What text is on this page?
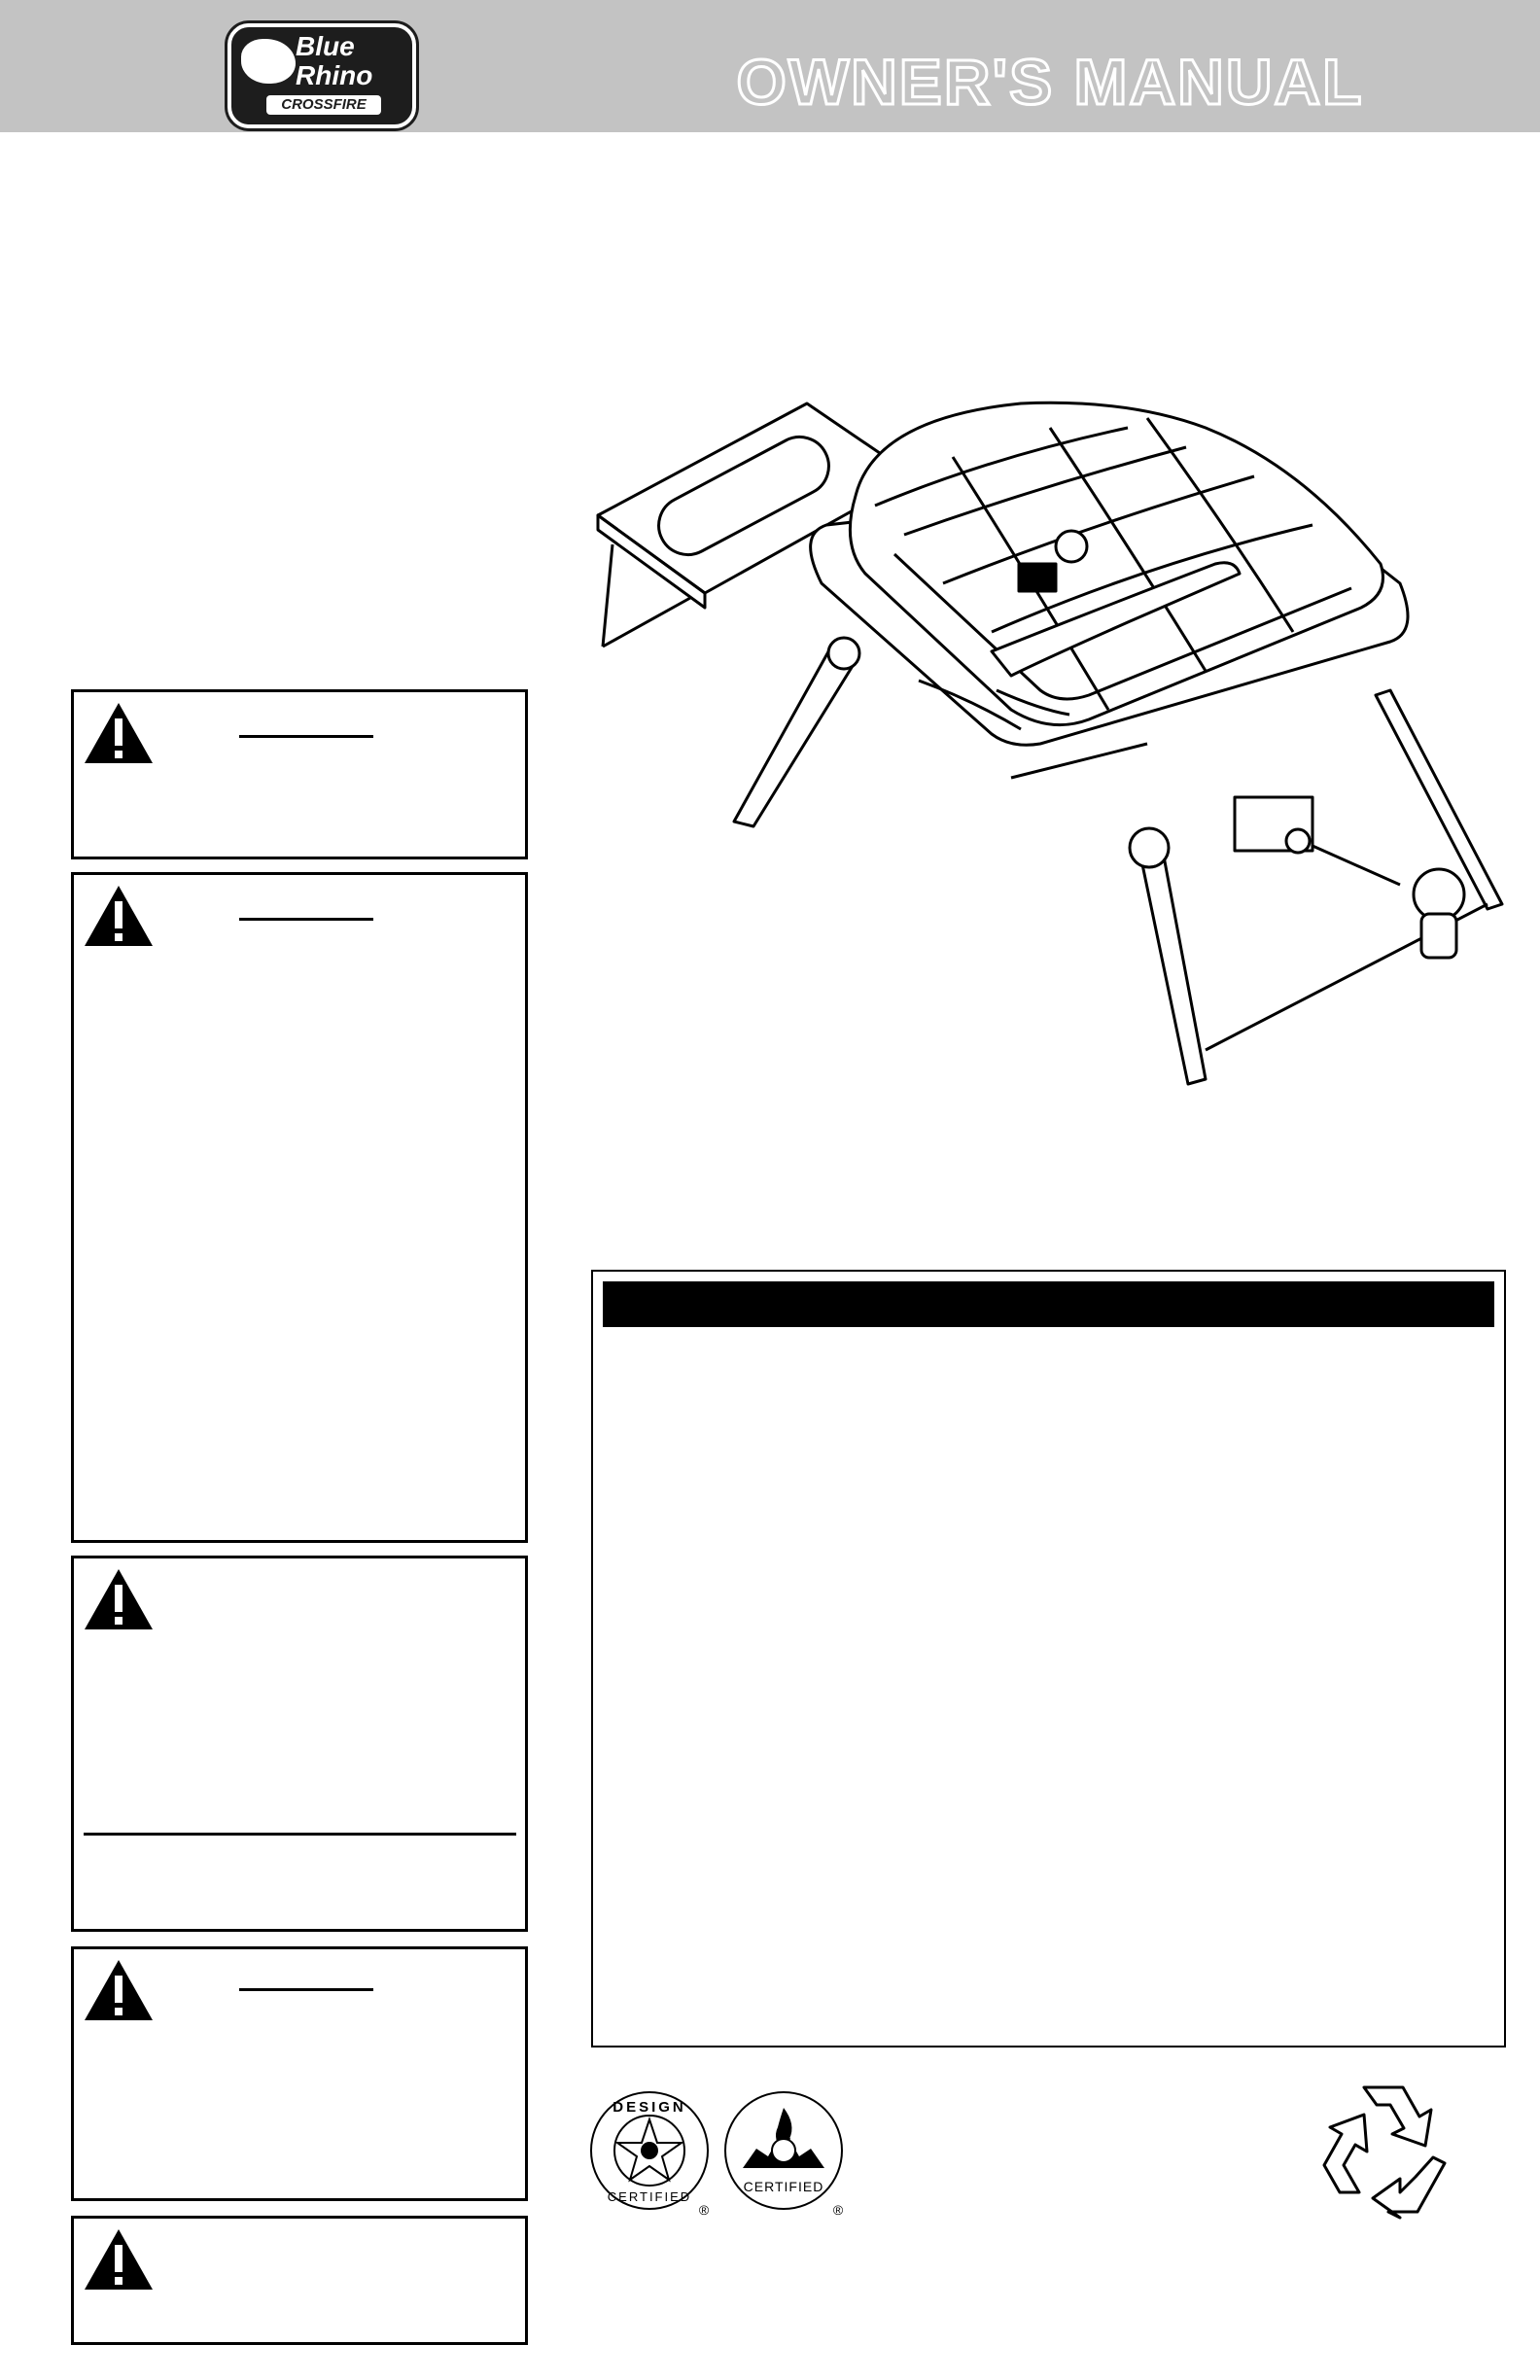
Blue
Rhino
CROSSFIRE	OWNER'S MANUAL
DESIGN
CERTIFIED
®
CERTIFIED
®
